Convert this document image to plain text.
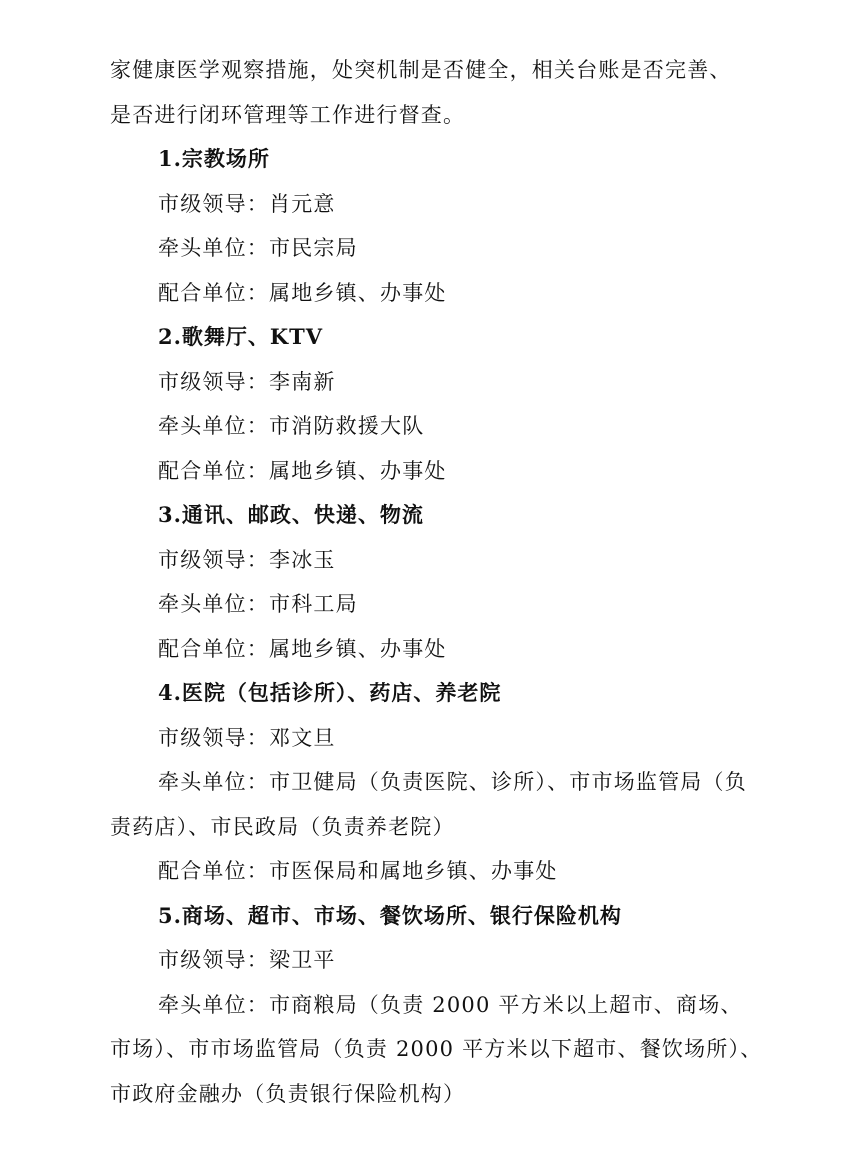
家健康医学观察措施，处突机制是否健全，相关台账是否完善、

是否进行闭环管理等工作进行督查。

1.宗教场所

市级领导：肖元意

牵头单位：市民宗局

配合单位：属地乡镇、办事处

2.歌舞厅、KTV

市级领导：李南新

牵头单位：市消防救援大队

配合单位：属地乡镇、办事处

3.通讯、邮政、快递、物流

市级领导：李冰玉

牵头单位：市科工局

配合单位：属地乡镇、办事处

4.医院（包括诊所）、药店、养老院

市级领导：邓文旦

牵头单位：市卫健局（负责医院、诊所）、市市场监管局（负

责药店）、市民政局（负责养老院）

配合单位：市医保局和属地乡镇、办事处

5.商场、超市、市场、餐饮场所、银行保险机构

市级领导：梁卫平

牵头单位：市商粮局（负责 2000 平方米以上超市、商场、

市场）、市市场监管局（负责 2000 平方米以下超市、餐饮场所）、

市政府金融办（负责银行保险机构）
